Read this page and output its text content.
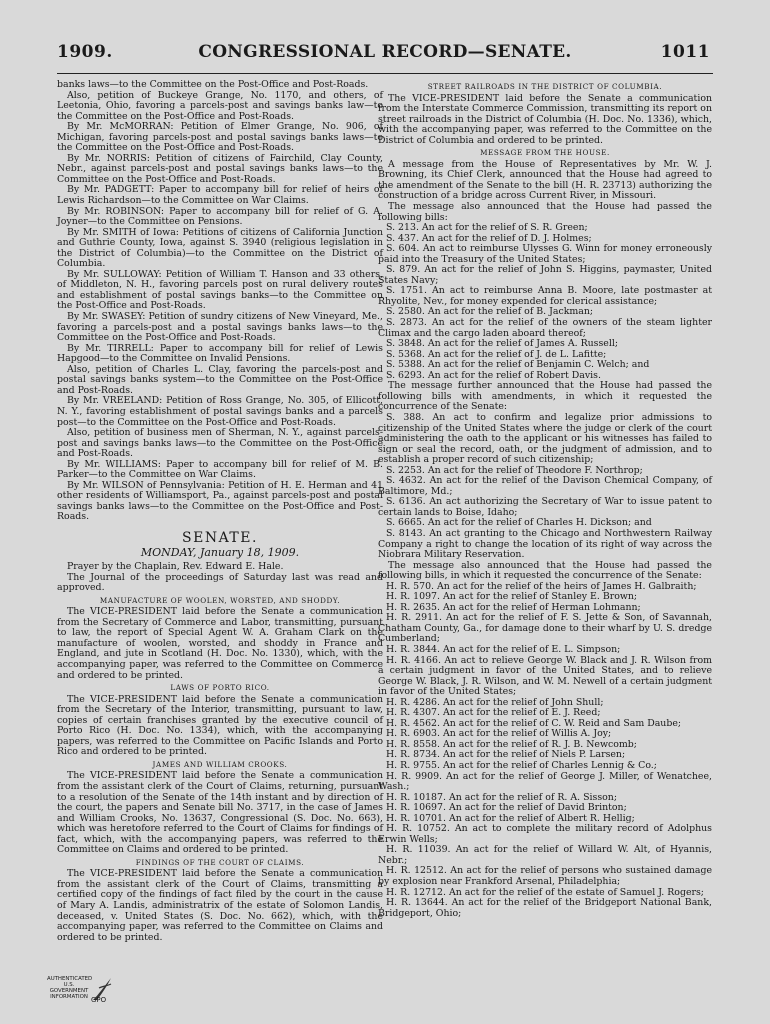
1909.	CONGRESSIONAL RECORD—SENATE.	1011

banks laws—to the Committee on the Post-Office and Post-Roads.

Also, petition of Buckeye Grange, No. 1170, and others, of Leetonia, Ohio, favoring a parcels-post and savings banks law—to the Committee on the Post-Office and Post-Roads.

By Mr. McMORRAN: Petition of Elmer Grange, No. 906, of Michigan, favoring parcels-post and postal savings banks laws—to the Committee on the Post-Office and Post-Roads.

By Mr. NORRIS: Petition of citizens of Fairchild, Clay County, Nebr., against parcels-post and postal savings banks laws—to the Committee on the Post-Office and Post-Roads.

By Mr. PADGETT: Paper to accompany bill for relief of heirs of Lewis Richardson—to the Committee on War Claims.

By Mr. ROBINSON: Paper to accompany bill for relief of G. A. Joyner—to the Committee on Pensions.

By Mr. SMITH of Iowa: Petitions of citizens of California Junction and Guthrie County, Iowa, against S. 3940 (religious legislation in the District of Columbia)—to the Committee on the District of Columbia.

By Mr. SULLOWAY: Petition of William T. Hanson and 33 others, of Middleton, N. H., favoring parcels post on rural delivery routes and establishment of postal savings banks—to the Committee on the Post-Office and Post-Roads.

By Mr. SWASEY: Petition of sundry citizens of New Vineyard, Me., favoring a parcels-post and a postal savings banks laws—to the Committee on the Post-Office and Post-Roads.

By Mr. TIRRELL: Paper to accompany bill for relief of Lewis Hapgood—to the Committee on Invalid Pensions.

Also, petition of Charles L. Clay, favoring the parcels-post and postal savings banks system—to the Committee on the Post-Office and Post-Roads.

By Mr. VREELAND: Petition of Ross Grange, No. 305, of Ellicott, N. Y., favoring establishment of postal savings banks and a parcels post—to the Committee on the Post-Office and Post-Roads.

Also, petition of business men of Sherman, N. Y., against parcels-post and savings banks laws—to the Committee on the Post-Office and Post-Roads.

By Mr. WILLIAMS: Paper to accompany bill for relief of M. B. Parker—to the Committee on War Claims.

By Mr. WILSON of Pennsylvania: Petition of H. E. Herman and 41 other residents of Williamsport, Pa., against parcels-post and postal savings banks laws—to the Committee on the Post-Office and Post-Roads.

SENATE.

MONDAY, January 18, 1909.

Prayer by the Chaplain, Rev. Edward E. Hale.

The Journal of the proceedings of Saturday last was read and approved.

MANUFACTURE OF WOOLEN, WORSTED, AND SHODDY.

The VICE-PRESIDENT laid before the Senate a communication from the Secretary of Commerce and Labor, transmitting, pursuant to law, the report of Special Agent W. A. Graham Clark on the manufacture of woolen, worsted, and shoddy in France and England, and jute in Scotland (H. Doc. No. 1330), which, with the accompanying paper, was referred to the Committee on Commerce and ordered to be printed.

LAWS OF PORTO RICO.

The VICE-PRESIDENT laid before the Senate a communication from the Secretary of the Interior, transmitting, pursuant to law, copies of certain franchises granted by the executive council of Porto Rico (H. Doc. No. 1334), which, with the accompanying papers, was referred to the Committee on Pacific Islands and Porto Rico and ordered to be printed.

JAMES AND WILLIAM CROOKS.

The VICE-PRESIDENT laid before the Senate a communication from the assistant clerk of the Court of Claims, returning, pursuant to a resolution of the Senate of the 14th instant and by direction of the court, the papers and Senate bill No. 3717, in the case of James and William Crooks, No. 13637, Congressional (S. Doc. No. 663), which was heretofore referred to the Court of Claims for findings of fact, which, with the accompanying papers, was referred to the Committee on Claims and ordered to be printed.

FINDINGS OF THE COURT OF CLAIMS.

The VICE-PRESIDENT laid before the Senate a communication from the assistant clerk of the Court of Claims, transmitting a certified copy of the findings of fact filed by the court in the cause of Mary A. Landis, administratrix of the estate of Solomon Landis, deceased, v. United States (S. Doc. No. 662), which, with the accompanying paper, was referred to the Committee on Claims and ordered to be printed.

STREET RAILROADS IN THE DISTRICT OF COLUMBIA.

The VICE-PRESIDENT laid before the Senate a communication from the Interstate Commerce Commission, transmitting its report on street railroads in the District of Columbia (H. Doc. No. 1336), which, with the accompanying paper, was referred to the Committee on the District of Columbia and ordered to be printed.

MESSAGE FROM THE HOUSE.

A message from the House of Representatives by Mr. W. J. Browning, its Chief Clerk, announced that the House had agreed to the amendment of the Senate to the bill (H. R. 23713) authorizing the construction of a bridge across Current River, in Missouri.

The message also announced that the House had passed the following bills:

S. 213. An act for the relief of S. R. Green;

S. 437. An act for the relief of D. J. Holmes;

S. 604. An act to reimburse Ulysses G. Winn for money erroneously paid into the Treasury of the United States;

S. 879. An act for the relief of John S. Higgins, paymaster, United States Navy;

S. 1751. An act to reimburse Anna B. Moore, late postmaster at Rhyolite, Nev., for money expended for clerical assistance;

S. 2580. An act for the relief of B. Jackman;

S. 2873. An act for the relief of the owners of the steam lighter Climax and the cargo laden aboard thereof;

S. 3848. An act for the relief of James A. Russell;

S. 5368. An act for the relief of J. de L. Lafitte;

S. 5388. An act for the relief of Benjamin C. Welch; and

S. 6293. An act for the relief of Robert Davis.

The message further announced that the House had passed the following bills with amendments, in which it requested the concurrence of the Senate:

S. 388. An act to confirm and legalize prior admissions to citizenship of the United States where the judge or clerk of the court administering the oath to the applicant or his witnesses has failed to sign or seal the record, oath, or the judgment of admission, and to establish a proper record of such citizenship;

S. 2253. An act for the relief of Theodore F. Northrop;

S. 4632. An act for the relief of the Davison Chemical Company, of Baltimore, Md.;

S. 6136. An act authorizing the Secretary of War to issue patent to certain lands to Boise, Idaho;

S. 6665. An act for the relief of Charles H. Dickson; and

S. 8143. An act granting to the Chicago and Northwestern Railway Company a right to change the location of its right of way across the Niobrara Military Reservation.

The message also announced that the House had passed the following bills, in which it requested the concurrence of the Senate:

H. R. 570. An act for the relief of the heirs of James H. Galbraith;

H. R. 1097. An act for the relief of Stanley E. Brown;

H. R. 2635. An act for the relief of Herman Lohmann;

H. R. 2911. An act for the relief of F. S. Jette & Son, of Savannah, Chatham County, Ga., for damage done to their wharf by U. S. dredge Cumberland;

H. R. 3844. An act for the relief of E. L. Simpson;

H. R. 4166. An act to relieve George W. Black and J. R. Wilson from a certain judgment in favor of the United States, and to relieve George W. Black, J. R. Wilson, and W. M. Newell of a certain judgment in favor of the United States;

H. R. 4286. An act for the relief of John Shull;

H. R. 4307. An act for the relief of E. J. Reed;

H. R. 4562. An act for the relief of C. W. Reid and Sam Daube;

H. R. 6903. An act for the relief of Willis A. Joy;

H. R. 8558. An act for the relief of R. J. B. Newcomb;

H. R. 8734. An act for the relief of Niels P. Larsen;

H. R. 9755. An act for the relief of Charles Lennig & Co.;

H. R. 9909. An act for the relief of George J. Miller, of Wenatchee, Wash.;

H. R. 10187. An act for the relief of R. A. Sisson;

H. R. 10697. An act for the relief of David Brinton;

H. R. 10701. An act for the relief of Albert R. Hellig;

H. R. 10752. An act to complete the military record of Adolphus Erwin Wells;

H. R. 11039. An act for the relief of Willard W. Alt, of Hyannis, Nebr.;

H. R. 12512. An act for the relief of persons who sustained damage by explosion near Frankford Arsenal, Philadelphia;

H. R. 12712. An act for the relief of the estate of Samuel J. Rogers;

H. R. 13644. An act for the relief of the Bridgeport National Bank, Bridgeport, Ohio;

AUTHENTICATED
U.S. GOVERNMENT
INFORMATION GPO
